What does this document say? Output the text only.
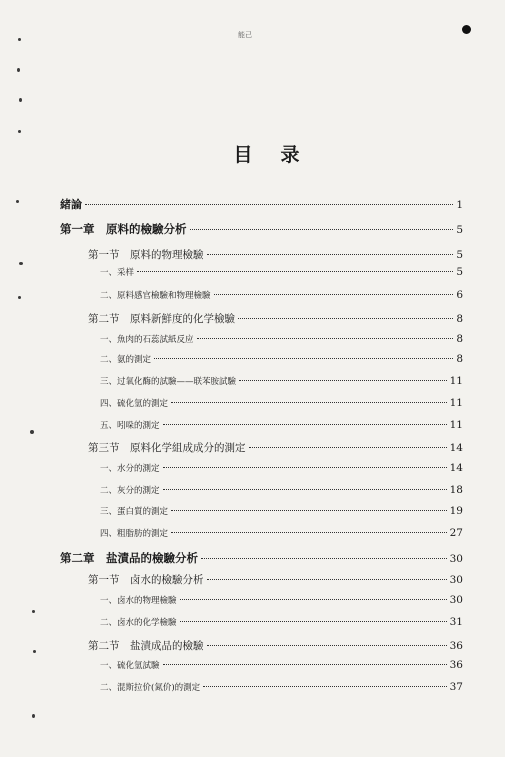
能己
目录
緒論	1
第一章　原料的檢驗分析	5
第一节　原料的物理檢驗	5
一、采样	5
二、原料感官檢驗和物理檢驗	6
第二节　原料新鮮度的化学檢驗	8
一、魚肉的石蕊試紙反应	8
二、氨的測定	8
三、过氧化酶的試驗——联苯胺試驗	11
四、硫化氫的測定	11
五、吲哚的測定	11
第三节　原料化学組成成分的測定	14
一、水分的測定	14
二、灰分的測定	18
三、蛋白質的測定	19
四、粗脂肪的測定	27
第二章　盐漬品的檢驗分析	30
第一节　卤水的檢驗分析	30
一、卤水的物理檢驗	30
二、卤水的化学檢驗	31
第二节　盐漬成品的檢驗	36
一、硫化氫試驗	36
二、混斯拉价(氮价)的測定	37
